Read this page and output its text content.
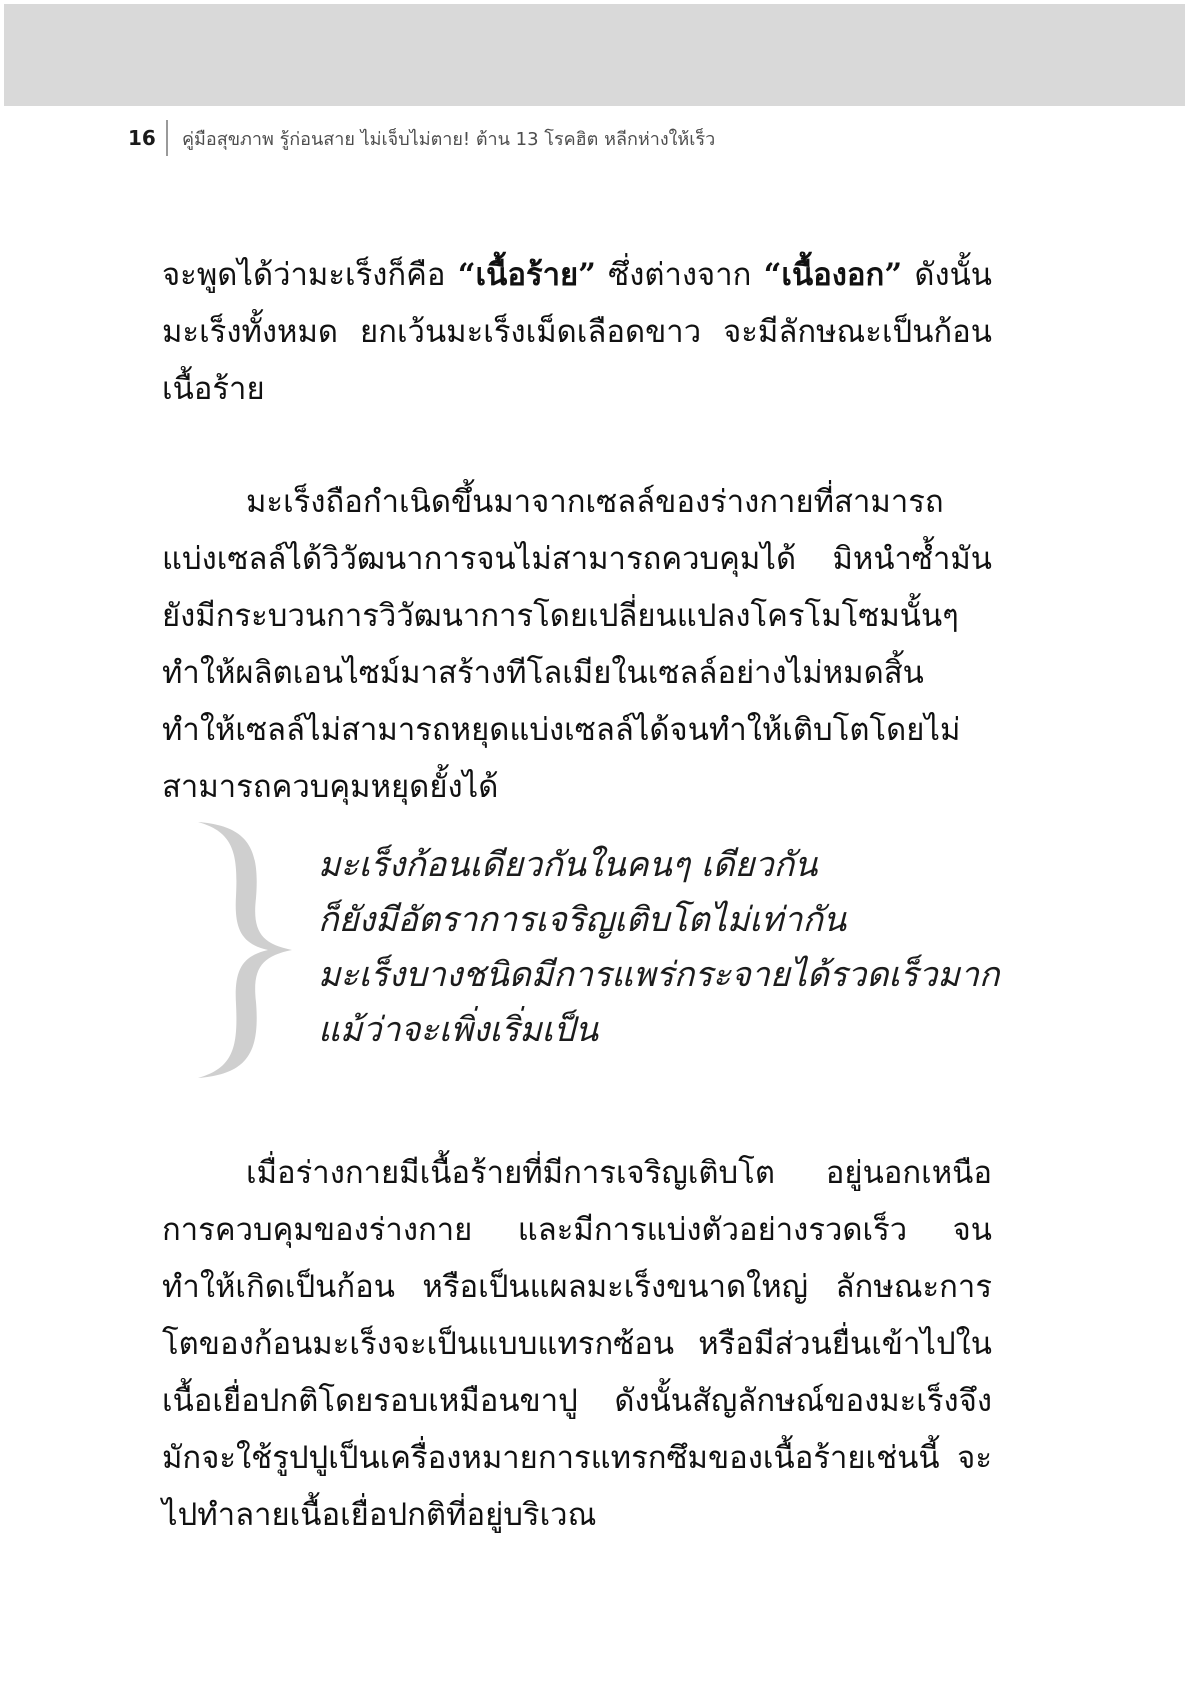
16 คู่มือสุขภาพ รู้ก่อนสาย ไม่เจ็บไม่ตาย! ต้าน 13 โรคฮิต หลีกห่างให้เร็ว

จะพูดได้ว่ามะเร็งก็คือ “เนื้อร้าย” ซึ่งต่างจาก “เนื้องอก” ดังนั้น มะเร็งทั้งหมด ยกเว้นมะเร็งเม็ดเลือดขาว จะมีลักษณะเป็นก้อนเนื้อร้าย

มะเร็งถือกำเนิดขึ้นมาจากเซลล์ของร่างกายที่สามารถแบ่งเซลล์ได้วิวัฒนาการจนไม่สามารถควบคุมได้ มิหนำซ้ำมันยังมีกระบวนการวิวัฒนาการโดยเปลี่ยนแปลงโครโมโซมนั้นๆ ทำให้ผลิตเอนไซม์มาสร้างทีโลเมียในเซลล์อย่างไม่หมดสิ้น ทำให้เซลล์ไม่สามารถหยุดแบ่งเซลล์ได้จนทำให้เติบโตโดยไม่สามารถควบคุมหยุดยั้งได้

มะเร็งก้อนเดียวกันในคนๆ เดียวกัน
ก็ยังมีอัตราการเจริญเติบโตไม่เท่ากัน
มะเร็งบางชนิดมีการแพร่กระจายได้รวดเร็วมาก
แม้ว่าจะเพิ่งเริ่มเป็น

เมื่อร่างกายมีเนื้อร้ายที่มีการเจริญเติบโต อยู่นอกเหนือการควบคุมของร่างกาย และมีการแบ่งตัวอย่างรวดเร็ว จนทำให้เกิดเป็นก้อน หรือเป็นแผลมะเร็งขนาดใหญ่ ลักษณะการโตของก้อนมะเร็งจะเป็นแบบแทรกซ้อน หรือมีส่วนยื่นเข้าไปในเนื้อเยื่อปกติโดยรอบเหมือนขาปู ดังนั้นสัญลักษณ์ของมะเร็งจึงมักจะใช้รูปปูเป็นเครื่องหมายการแทรกซึมของเนื้อร้ายเช่นนี้ จะไปทำลายเนื้อเยื่อปกติที่อยู่บริเวณ
